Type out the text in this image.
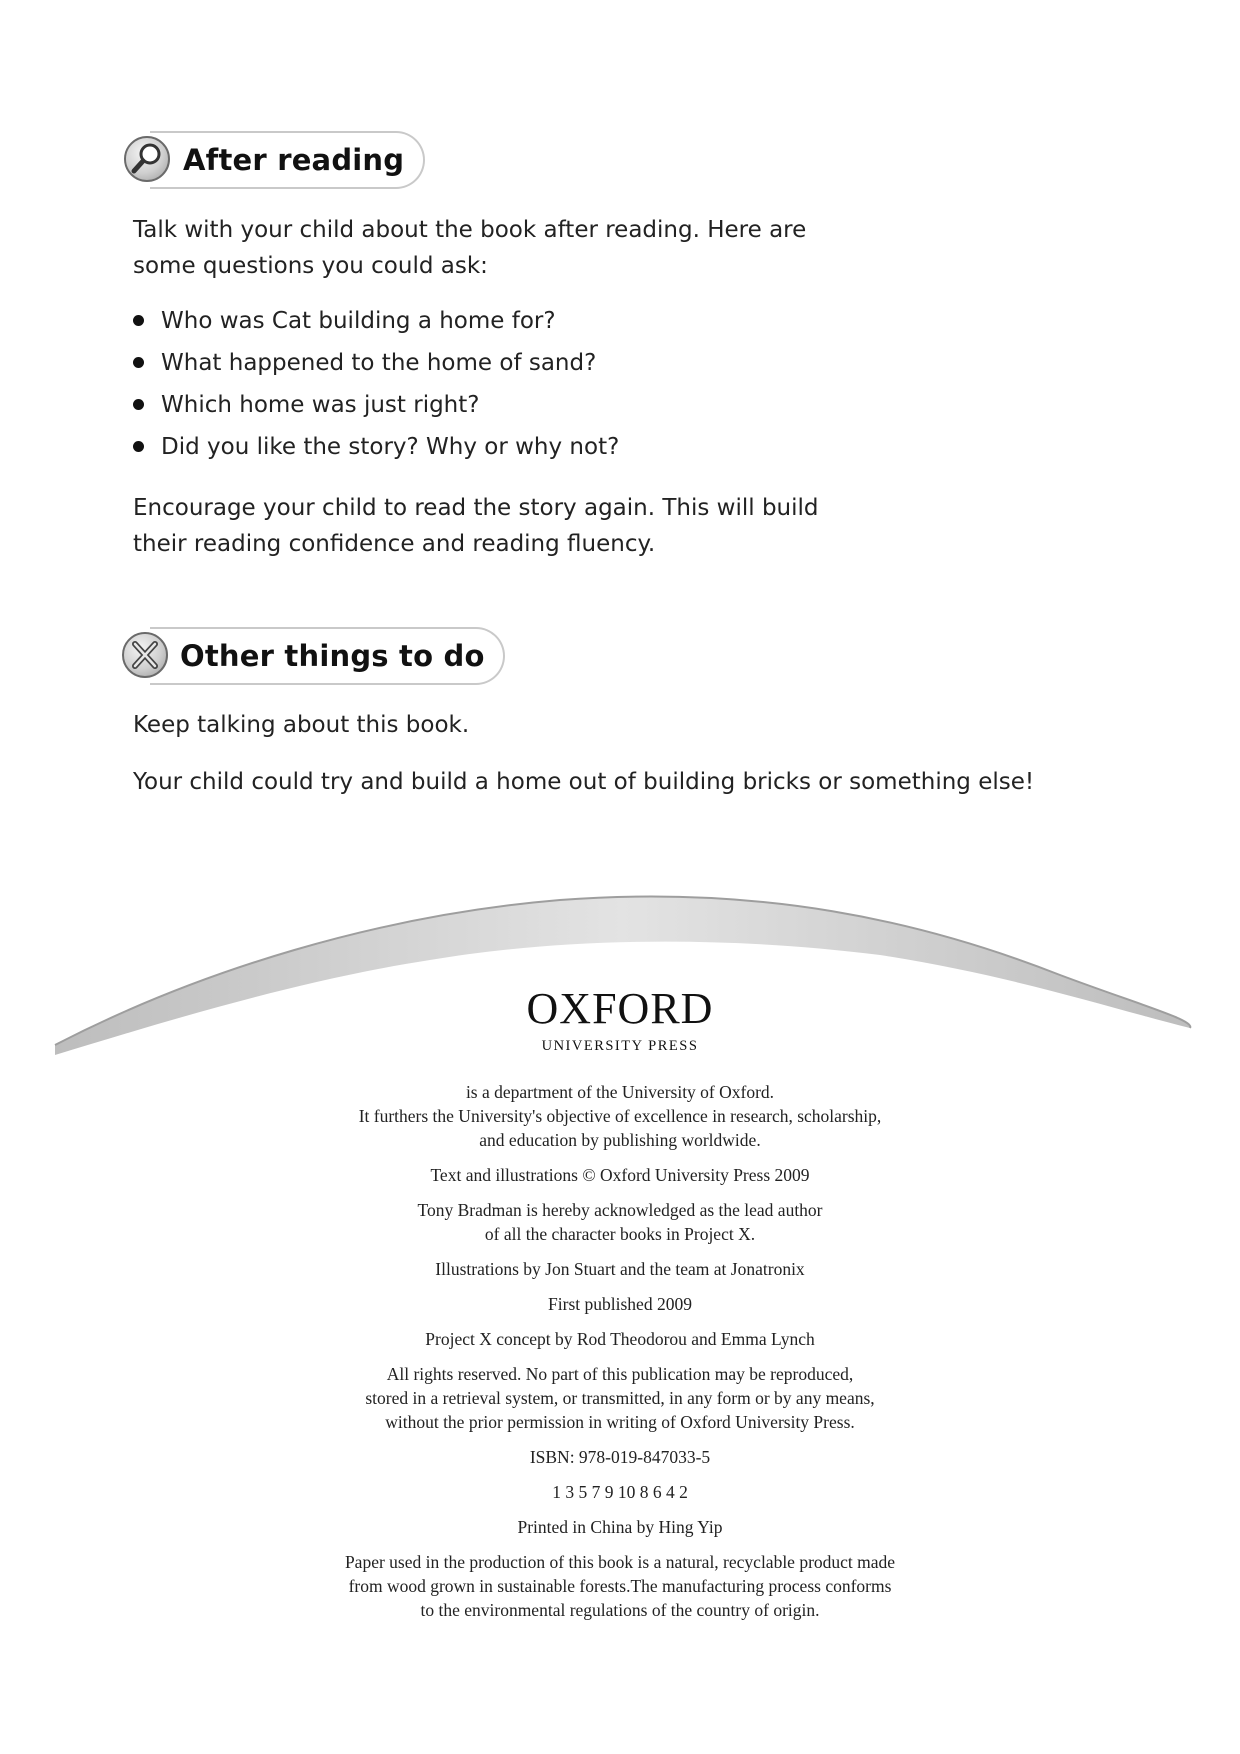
After reading

Talk with your child about the book after reading. Here are
some questions you could ask:

Who was Cat building a home for?
What happened to the home of sand?
Which home was just right?
Did you like the story? Why or why not?

Encourage your child to read the story again. This will build
their reading confidence and reading fluency.

Other things to do

Keep talking about this book.

Your child could try and build a home out of building bricks or something else!

OXFORD
UNIVERSITY PRESS

is a department of the University of Oxford.
It furthers the University's objective of excellence in research, scholarship,
and education by publishing worldwide.

Text and illustrations © Oxford University Press 2009

Tony Bradman is hereby acknowledged as the lead author
of all the character books in Project X.

Illustrations by Jon Stuart and the team at Jonatronix

First published 2009

Project X concept by Rod Theodorou and Emma Lynch

All rights reserved. No part of this publication may be reproduced,
stored in a retrieval system, or transmitted, in any form or by any means,
without the prior permission in writing of Oxford University Press.

ISBN: 978-019-847033-5

1 3 5 7 9 10 8 6 4 2

Printed in China by Hing Yip

Paper used in the production of this book is a natural, recyclable product made
from wood grown in sustainable forests.The manufacturing process conforms
to the environmental regulations of the country of origin.
